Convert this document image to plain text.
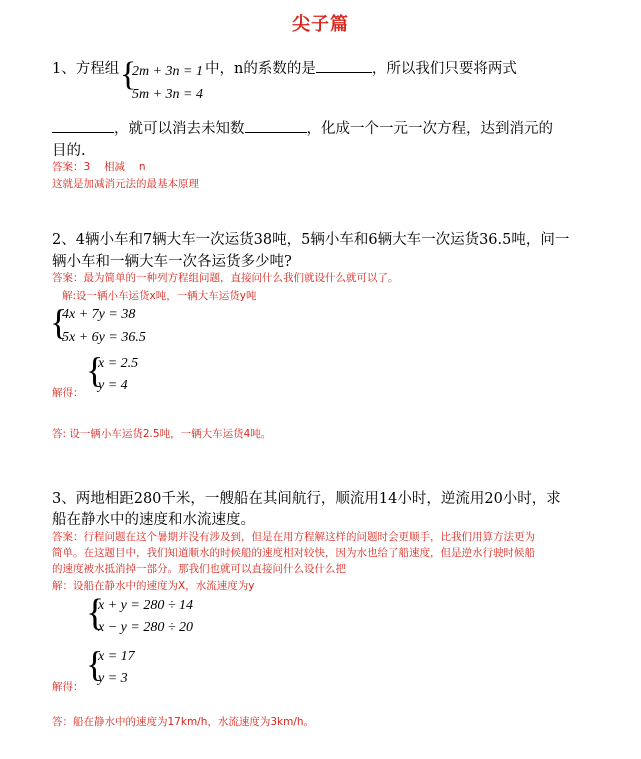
尖子篇
1、方程组 {
2m + 3n = 1
5m + 3n = 4
中，n的系数的是	，所以我们只要将两式
，就可以消去未知数	，化成一个一元一次方程，达到消元的
目的.
答案：3　 相减　 n
这就是加减消元法的最基本原理
2、4辆小车和7辆大车一次运货38吨，5辆小车和6辆大车一次运货36.5吨，问一
辆小车和一辆大车一次各运货多少吨?
答案：最为简单的一种列方程组问题，直接问什么我们就设什么就可以了。
解:设一辆小车运货x吨，一辆大车运货y吨
{
4x + 7y = 38
5x + 6y = 36.5
{
x = 2.5
y = 4
解得：
答: 设一辆小车运货2.5吨，一辆大车运货4吨。
3、两地相距280千米，一艘船在其间航行，顺流用14小时，逆流用20小时，求
船在静水中的速度和水流速度。
答案：行程问题在这个暑期并没有涉及到，但是在用方程解这样的问题时会更顺手，比我们用算方法更为
简单。在这题目中，我们知道顺水的时候船的速度相对较快，因为水也给了船速度，但是逆水行驶时候船
的速度被水抵消掉一部分。那我们也就可以直接问什么设什么把
解：设船在静水中的速度为X，水流速度为y
{
x + y = 280 ÷ 14
x − y = 280 ÷ 20
{
x = 17
y = 3
解得：
答：船在静水中的速度为17km/h，水流速度为3km/h。
